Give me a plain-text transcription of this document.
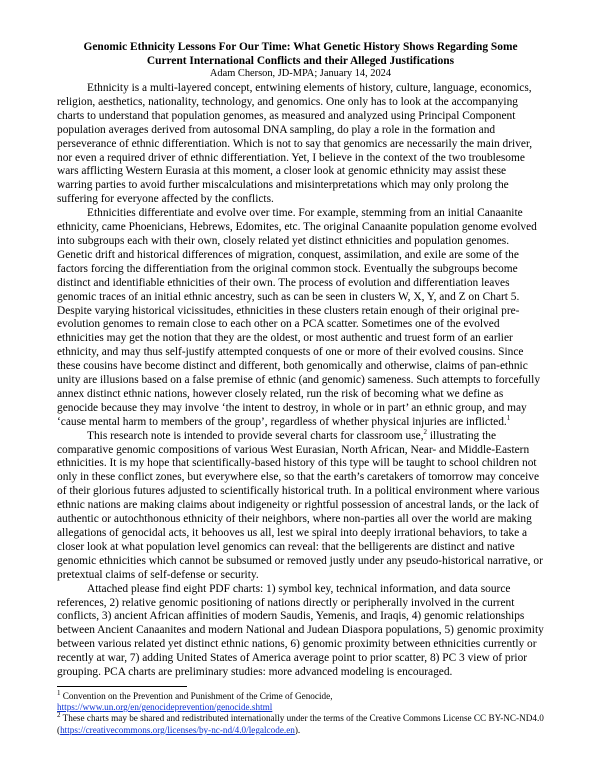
Genomic Ethnicity Lessons For Our Time: What Genetic History Shows Regarding Some

Current International Conflicts and their Alleged Justifications

Adam Cherson, JD-MPA; January 14, 2024

Ethnicity is a multi-layered concept, entwining elements of history, culture, language, economics, religion, aesthetics, nationality, technology, and genomics. One only has to look at the accompanying charts to understand that population genomes, as measured and analyzed using Principal Component population averages derived from autosomal DNA sampling, do play a role in the formation and perseverance of ethnic differentiation. Which is not to say that genomics are necessarily the main driver, nor even a required driver of ethnic differentiation. Yet, I believe in the context of the two troublesome wars afflicting Western Eurasia at this moment, a closer look at genomic ethnicity may assist these warring parties to avoid further miscalculations and misinterpretations which may only prolong the suffering for everyone affected by the conflicts.

Ethnicities differentiate and evolve over time. For example, stemming from an initial Canaanite ethnicity, came Phoenicians, Hebrews, Edomites, etc. The original Canaanite population genome evolved into subgroups each with their own, closely related yet distinct ethnicities and population genomes. Genetic drift and historical differences of migration, conquest, assimilation, and exile are some of the factors forcing the differentiation from the original common stock. Eventually the subgroups become distinct and identifiable ethnicities of their own. The process of evolution and differentiation leaves genomic traces of an initial ethnic ancestry, such as can be seen in clusters W, X, Y, and Z on Chart 5. Despite varying historical vicissitudes, ethnicities in these clusters retain enough of their original pre-evolution genomes to remain close to each other on a PCA scatter. Sometimes one of the evolved ethnicities may get the notion that they are the oldest, or most authentic and truest form of an earlier ethnicity, and may thus self-justify attempted conquests of one or more of their evolved cousins. Since these cousins have become distinct and different, both genomically and otherwise, claims of pan-ethnic unity are illusions based on a false premise of ethnic (and genomic) sameness. Such attempts to forcefully annex distinct ethnic nations, however closely related, run the risk of becoming what we define as genocide because they may involve ‘the intent to destroy, in whole or in part’ an ethnic group, and may ‘cause mental harm to members of the group’, regardless of whether physical injuries are inflicted.$^1$

This research note is intended to provide several charts for classroom use,$^2$ illustrating the comparative genomic compositions of various West Eurasian, North African, Near- and Middle-Eastern ethnicities. It is my hope that scientifically-based history of this type will be taught to school children not only in these conflict zones, but everywhere else, so that the earth’s caretakers of tomorrow may conceive of their glorious futures adjusted to scientifically historical truth. In a political environment where various ethnic nations are making claims about indigeneity or rightful possession of ancestral lands, or the lack of authentic or autochthonous ethnicity of their neighbors, where non-parties all over the world are making allegations of genocidal acts, it behooves us all, lest we spiral into deeply irrational behaviors, to take a closer look at what population level genomics can reveal: that the belligerents are distinct and native genomic ethnicities which cannot be subsumed or removed justly under any pseudo-historical narrative, or pretextual claims of self-defense or security.

Attached please find eight PDF charts: 1) symbol key, technical information, and data source references, 2) relative genomic positioning of nations directly or peripherally involved in the current conflicts, 3) ancient African affinities of modern Saudis, Yemenis, and Iraqis, 4) genomic relationships between Ancient Canaanites and modern National and Judean Diaspora populations, 5) genomic proximity between various related yet distinct ethnic nations, 6) genomic proximity between ethnicities currently or recently at war, 7) adding United States of America average point to prior scatter, 8) PC 3 view of prior grouping. PCA charts are preliminary studies: more advanced modeling is encouraged.

$^1$ Convention on the Prevention and Punishment of the Crime of Genocide,
https://www.un.org/en/genocideprevention/genocide.shtml

$^2$ These charts may be shared and redistributed internationally under the terms of the Creative Commons License CC BY-NC-ND4.0 (https://creativecommons.org/licenses/by-nc-nd/4.0/legalcode.en).
